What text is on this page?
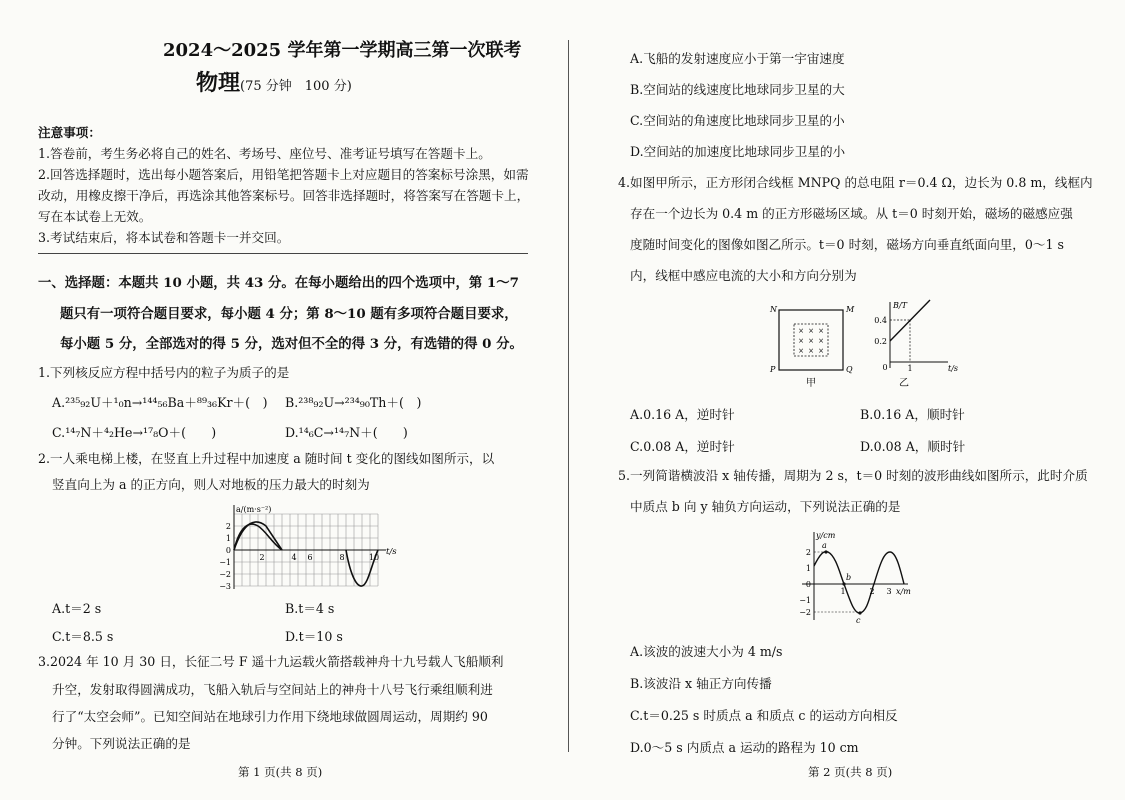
2024～2025 学年第一学期高三第一次联考
物理(75 分钟　100 分)
注意事项：
1.答卷前，考生务必将自己的姓名、考场号、座位号、准考证号填写在答题卡上。
2.回答选择题时，选出每小题答案后，用铅笔把答题卡上对应题目的答案标号涂黑，如需
改动，用橡皮擦干净后，再选涂其他答案标号。回答非选择题时，将答案写在答题卡上，
写在本试卷上无效。
3.考试结束后，将本试卷和答题卡一并交回。
一、选择题：本题共 10 小题，共 43 分。在每小题给出的四个选项中，第 1～7
题只有一项符合题目要求，每小题 4 分；第 8～10 题有多项符合题目要求，
每小题 5 分，全部选对的得 5 分，选对但不全的得 3 分，有选错的得 0 分。
1.下列核反应方程中括号内的粒子为质子的是
A.²³⁵₉₂U＋¹₀n→¹⁴⁴₅₆Ba＋⁸⁹₃₆Kr＋(　) B.²³⁸₉₂U→²³⁴₉₀Th＋(　)
C.¹⁴₇N＋⁴₂He→¹⁷₈O＋(　　)	D.¹⁴₆C→¹⁴₇N＋(　　)
2.一人乘电梯上楼，在竖直上升过程中加速度 a 随时间 t 变化的图线如图所示，以
竖直向上为 a 的正方向，则人对地板的压力最大的时刻为
a/(m·s⁻²)
t/s
2
1
0
−1
−2
−3
2	4 6	8	10
A.t＝2 s	B.t＝4 s
C.t＝8.5 s	D.t＝10 s
3.2024 年 10 月 30 日，长征二号 F 遥十九运载火箭搭载神舟十九号载人飞船顺利
升空，发射取得圆满成功，飞船入轨后与空间站上的神舟十八号飞行乘组顺利进
行了“太空会师”。已知空间站在地球引力作用下绕地球做圆周运动，周期约 90
分钟。下列说法正确的是
第 1 页(共 8 页)
A.飞船的发射速度应小于第一宇宙速度
B.空间站的线速度比地球同步卫星的大
C.空间站的角速度比地球同步卫星的小
D.空间站的加速度比地球同步卫星的小
4.如图甲所示，正方形闭合线框 MNPQ 的总电阻 r＝0.4 Ω，边长为 0.8 m，线框内
存在一个边长为 0.4 m 的正方形磁场区域。从 t＝0 时刻开始，磁场的磁感应强
度随时间变化的图像如图乙所示。t＝0 时刻，磁场方向垂直纸面向里，0～1 s
内，线框中感应电流的大小和方向分别为
× × ×
× × ×
× × ×
N	M
P	Q
甲
B/T
t/s
0.4
0.2
0 1
乙
A.0.16 A，逆时针	B.0.16 A，顺时针
C.0.08 A，逆时针	D.0.08 A，顺时针
5.一列简谐横波沿 x 轴传播，周期为 2 s，t＝0 时刻的波形曲线如图所示，此时介质
中质点 b 向 y 轴负方向运动，下列说法正确的是
a
b
c
y/cm
x/m
2
1
0
−1
−2
1	2 3
A.该波的波速大小为 4 m/s
B.该波沿 x 轴正方向传播
C.t＝0.25 s 时质点 a 和质点 c 的运动方向相反
D.0～5 s 内质点 a 运动的路程为 10 cm
第 2 页(共 8 页)
